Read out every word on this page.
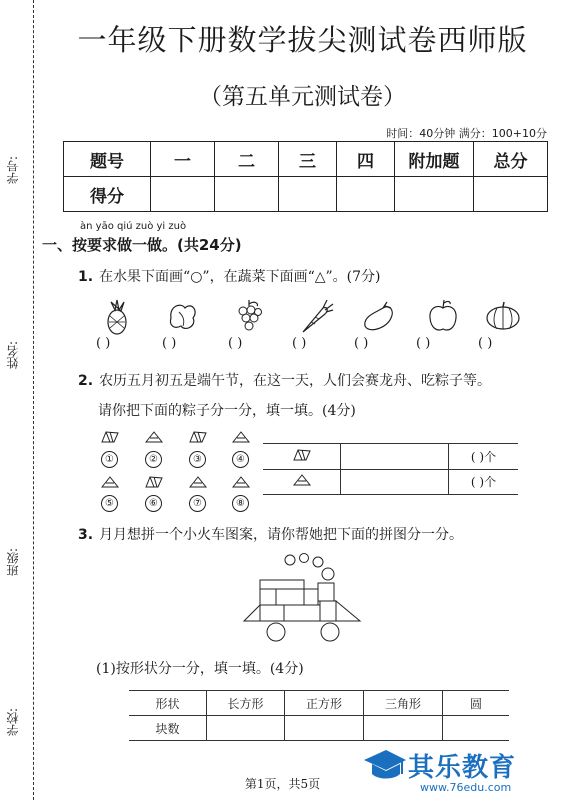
学号:
姓名:
班级:
学校:
一年级下册数学拔尖测试卷西师版
（第五单元测试卷）
时间：40分钟 满分：100+10分
题号	一	二	三	四	附加题	总分
得分						
àn yāo qiú zuò yi zuò
一、按要求做一做。(共24分)
1. 在水果下面画“○”，在蔬菜下面画“△”。(7分)
( )	( )	( )	( )	( )	( )	( )
2. 农历五月初五是端午节，在这一天，人们会赛龙舟、吃粽子等。
请你把下面的粽子分一分，填一填。(4分)
①	②	③	④
⑤	⑥	⑦	⑧
		( )个
		( )个
3. 月月想拼一个小火车图案，请你帮她把下面的拼图分一分。
(1)按形状分一分，填一填。(4分)
形状	长方形	正方形	三角形	圆
块数				
第1页，共5页
其乐教育
www.76edu.com
